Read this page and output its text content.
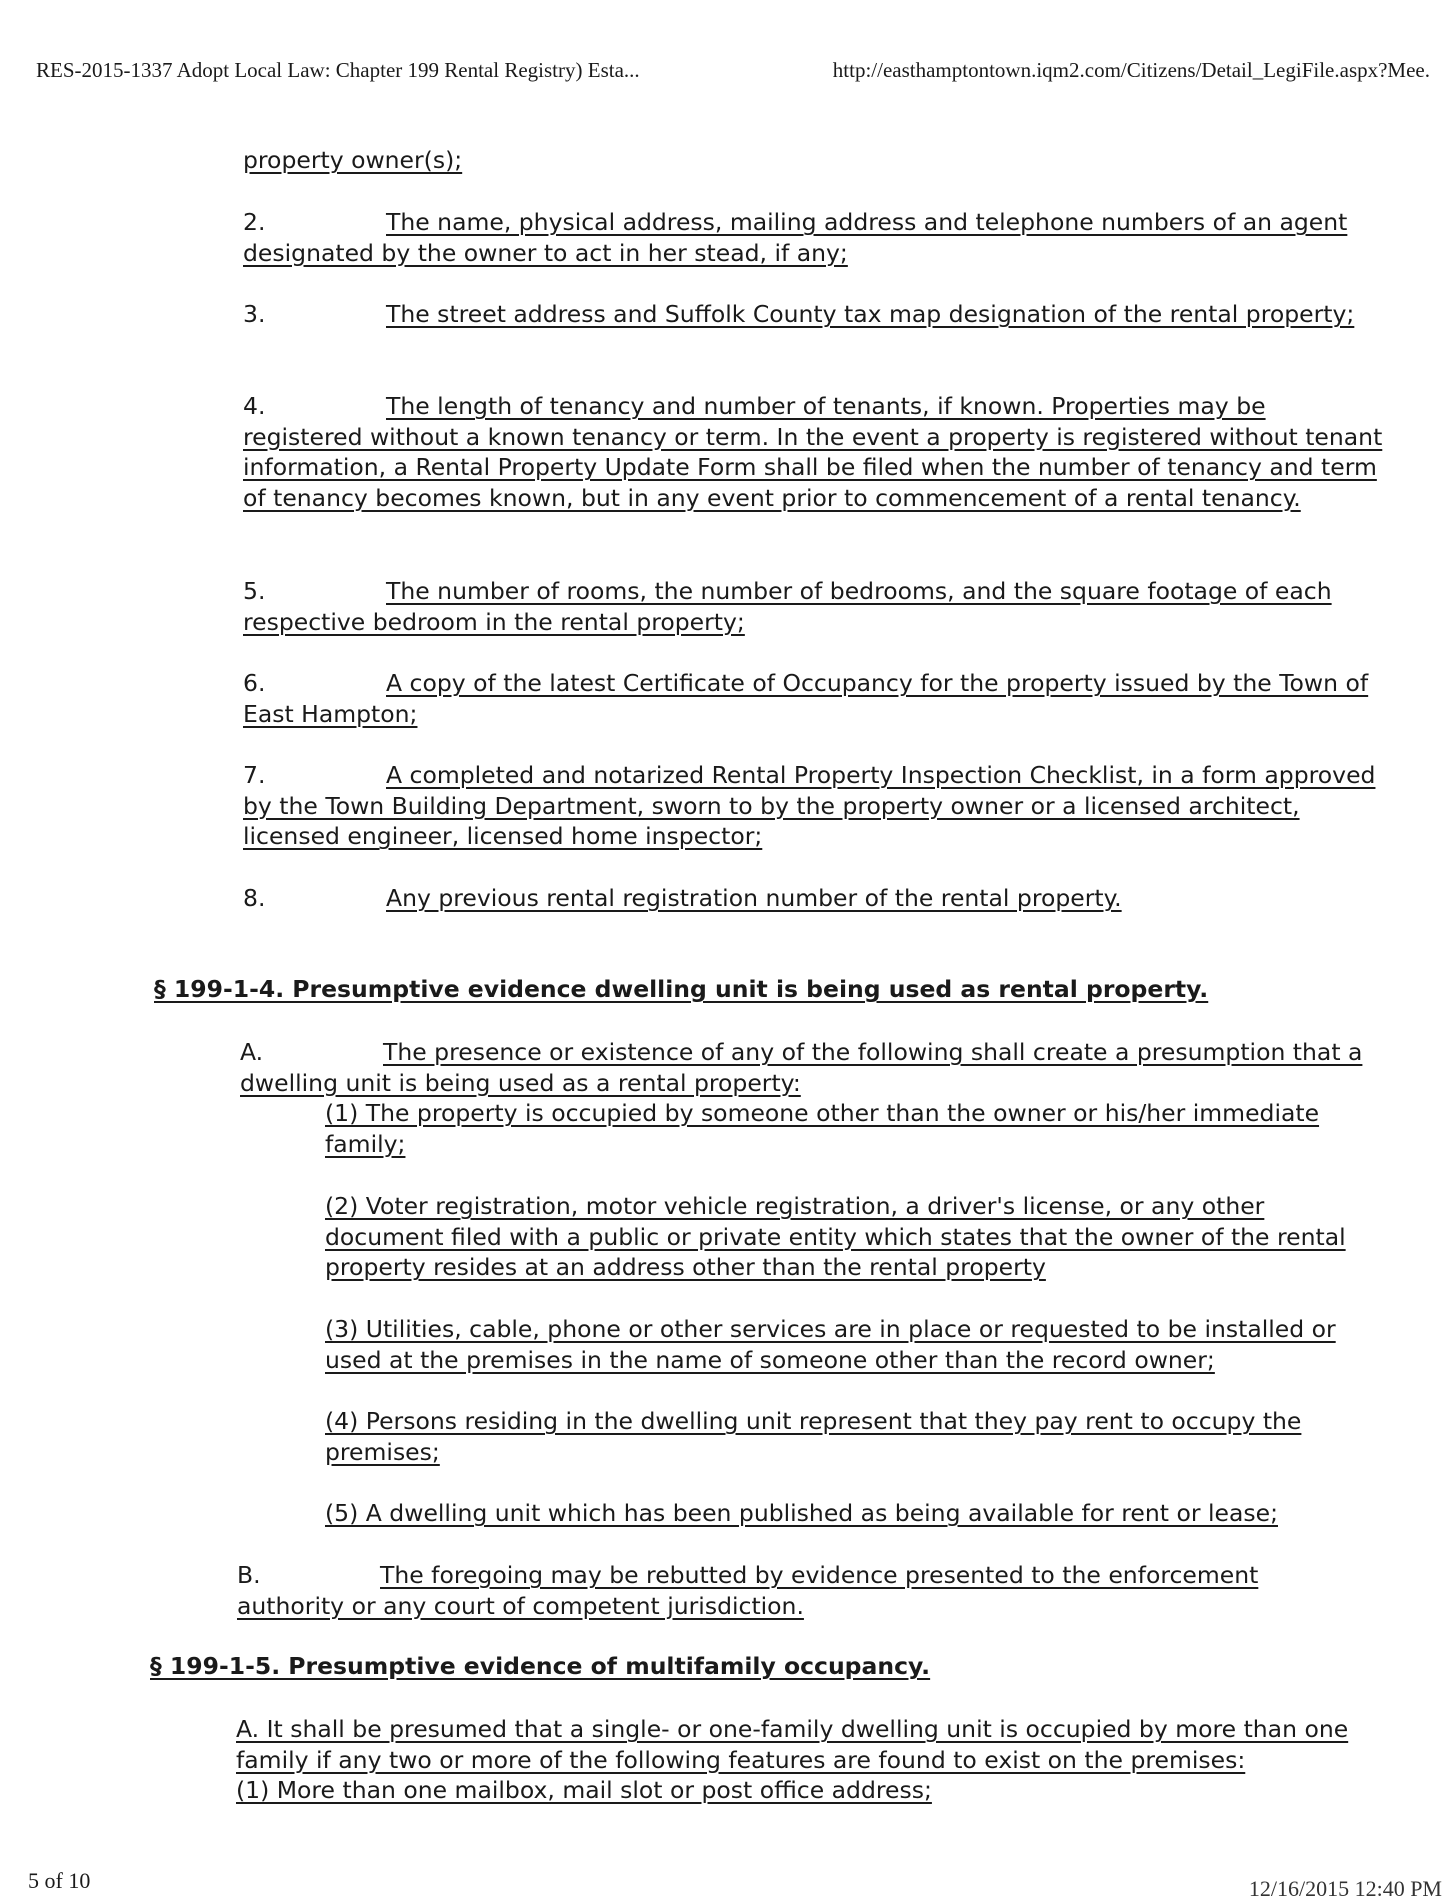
RES-2015-1337 Adopt Local Law: Chapter 199 Rental Registry) Esta...	http://easthamptontown.iqm2.com/Citizens/Detail_LegiFile.aspx?Mee.
property owner(s);
2.	The name, physical address, mailing address and telephone numbers of an agent designated by the owner to act in her stead, if any;
3.	The street address and Suffolk County tax map designation of the rental property;
4.	The length of tenancy and number of tenants, if known. Properties may be registered without a known tenancy or term. In the event a property is registered without tenant information, a Rental Property Update Form shall be filed when the number of tenancy and term of tenancy becomes known, but in any event prior to commencement of a rental tenancy.
5.	The number of rooms, the number of bedrooms, and the square footage of each respective bedroom in the rental property;
6.	A copy of the latest Certificate of Occupancy for the property issued by the Town of East Hampton;
7.	A completed and notarized Rental Property Inspection Checklist, in a form approved by the Town Building Department, sworn to by the property owner or a licensed architect, licensed engineer, licensed home inspector;
8.	Any previous rental registration number of the rental property.
§ 199-1-4. Presumptive evidence dwelling unit is being used as rental property.
A.	The presence or existence of any of the following shall create a presumption that a dwelling unit is being used as a rental property:
(1) The property is occupied by someone other than the owner or his/her immediate family;
(2) Voter registration, motor vehicle registration, a driver's license, or any other document filed with a public or private entity which states that the owner of the rental property resides at an address other than the rental property
(3) Utilities, cable, phone or other services are in place or requested to be installed or used at the premises in the name of someone other than the record owner;
(4) Persons residing in the dwelling unit represent that they pay rent to occupy the premises;
(5) A dwelling unit which has been published as being available for rent or lease;
B.	The foregoing may be rebutted by evidence presented to the enforcement authority or any court of competent jurisdiction.
§ 199-1-5. Presumptive evidence of multifamily occupancy.
A. It shall be presumed that a single- or one-family dwelling unit is occupied by more than one family if any two or more of the following features are found to exist on the premises:
(1) More than one mailbox, mail slot or post office address;
5 of 10	12/16/2015 12:40 PM
